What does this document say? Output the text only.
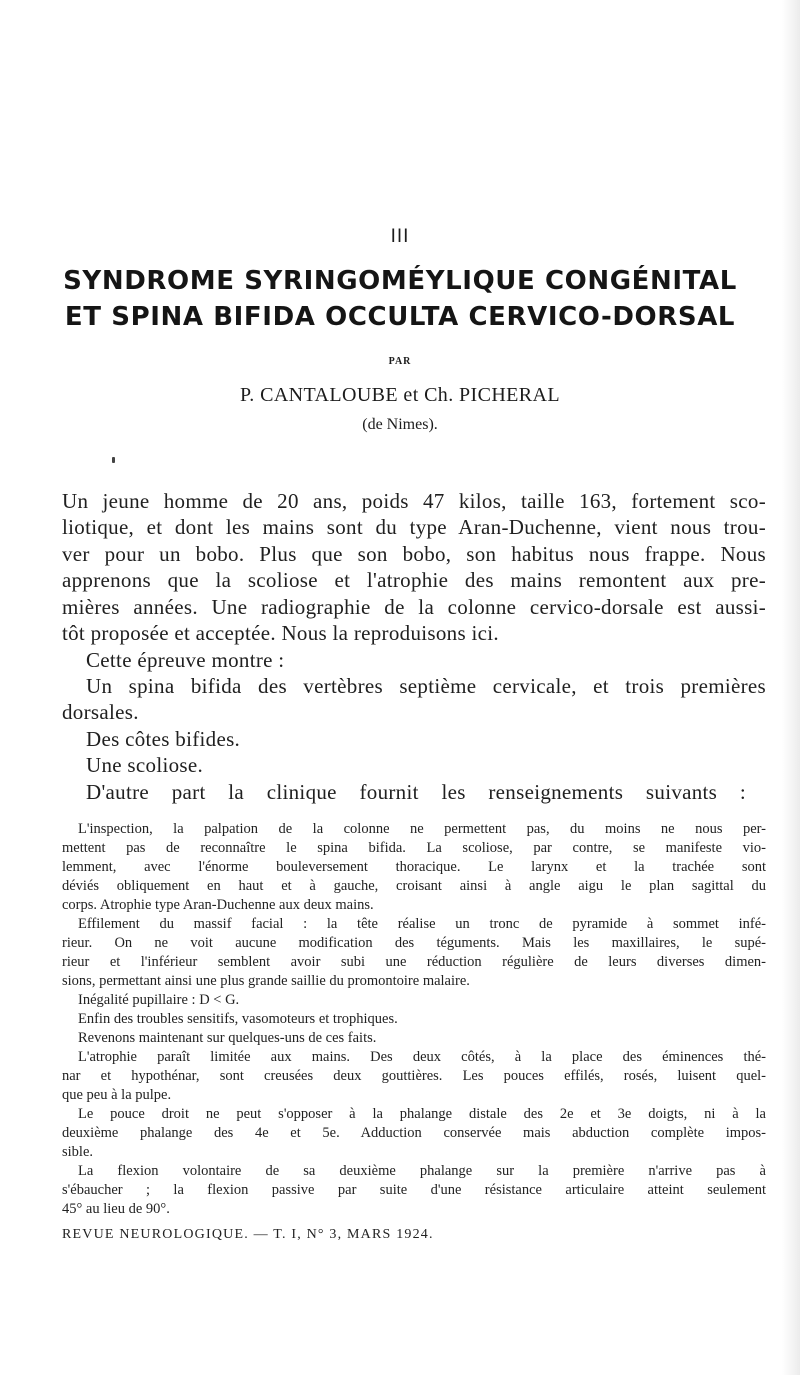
III
SYNDROME SYRINGOMÉYLIQUE CONGÉNITAL
ET SPINA BIFIDA OCCULTA CERVICO-DORSAL
PAR
P. CANTALOUBE et Ch. PICHERAL
(de Nimes).
Un jeune homme de 20 ans, poids 47 kilos, taille 163, fortement sco-
liotique, et dont les mains sont du type Aran-Duchenne, vient nous trou-
ver pour un bobo. Plus que son bobo, son habitus nous frappe. Nous
apprenons que la scoliose et l'atrophie des mains remontent aux pre-
mières années. Une radiographie de la colonne cervico-dorsale est aussi-
tôt proposée et acceptée. Nous la reproduisons ici.
Cette épreuve montre :
Un spina bifida des vertèbres septième cervicale, et trois premières
dorsales.
Des côtes bifides.
Une scoliose.
D'autre part la clinique fournit les renseignements suivants :
L'inspection, la palpation de la colonne ne permettent pas, du moins ne nous per-
mettent pas de reconnaître le spina bifida. La scoliose, par contre, se manifeste vio-
lemment, avec l'énorme bouleversement thoracique. Le larynx et la trachée sont
déviés obliquement en haut et à gauche, croisant ainsi à angle aigu le plan sagittal du
corps. Atrophie type Aran-Duchenne aux deux mains.
Effilement du massif facial : la tête réalise un tronc de pyramide à sommet infé-
rieur. On ne voit aucune modification des téguments. Mais les maxillaires, le supé-
rieur et l'inférieur semblent avoir subi une réduction régulière de leurs diverses dimen-
sions, permettant ainsi une plus grande saillie du promontoire malaire.
Inégalité pupillaire : D < G.
Enfin des troubles sensitifs, vasomoteurs et trophiques.
Revenons maintenant sur quelques-uns de ces faits.
L'atrophie paraît limitée aux mains. Des deux côtés, à la place des éminences thé-
nar et hypothénar, sont creusées deux gouttières. Les pouces effilés, rosés, luisent quel-
que peu à la pulpe.
Le pouce droit ne peut s'opposer à la phalange distale des 2e et 3e doigts, ni à la
deuxième phalange des 4e et 5e. Adduction conservée mais abduction complète impos-
sible.
La flexion volontaire de sa deuxième phalange sur la première n'arrive pas à
s'ébaucher ; la flexion passive par suite d'une résistance articulaire atteint seulement
45° au lieu de 90°.
REVUE NEUROLOGIQUE. — T. I, N° 3, MARS 1924.
